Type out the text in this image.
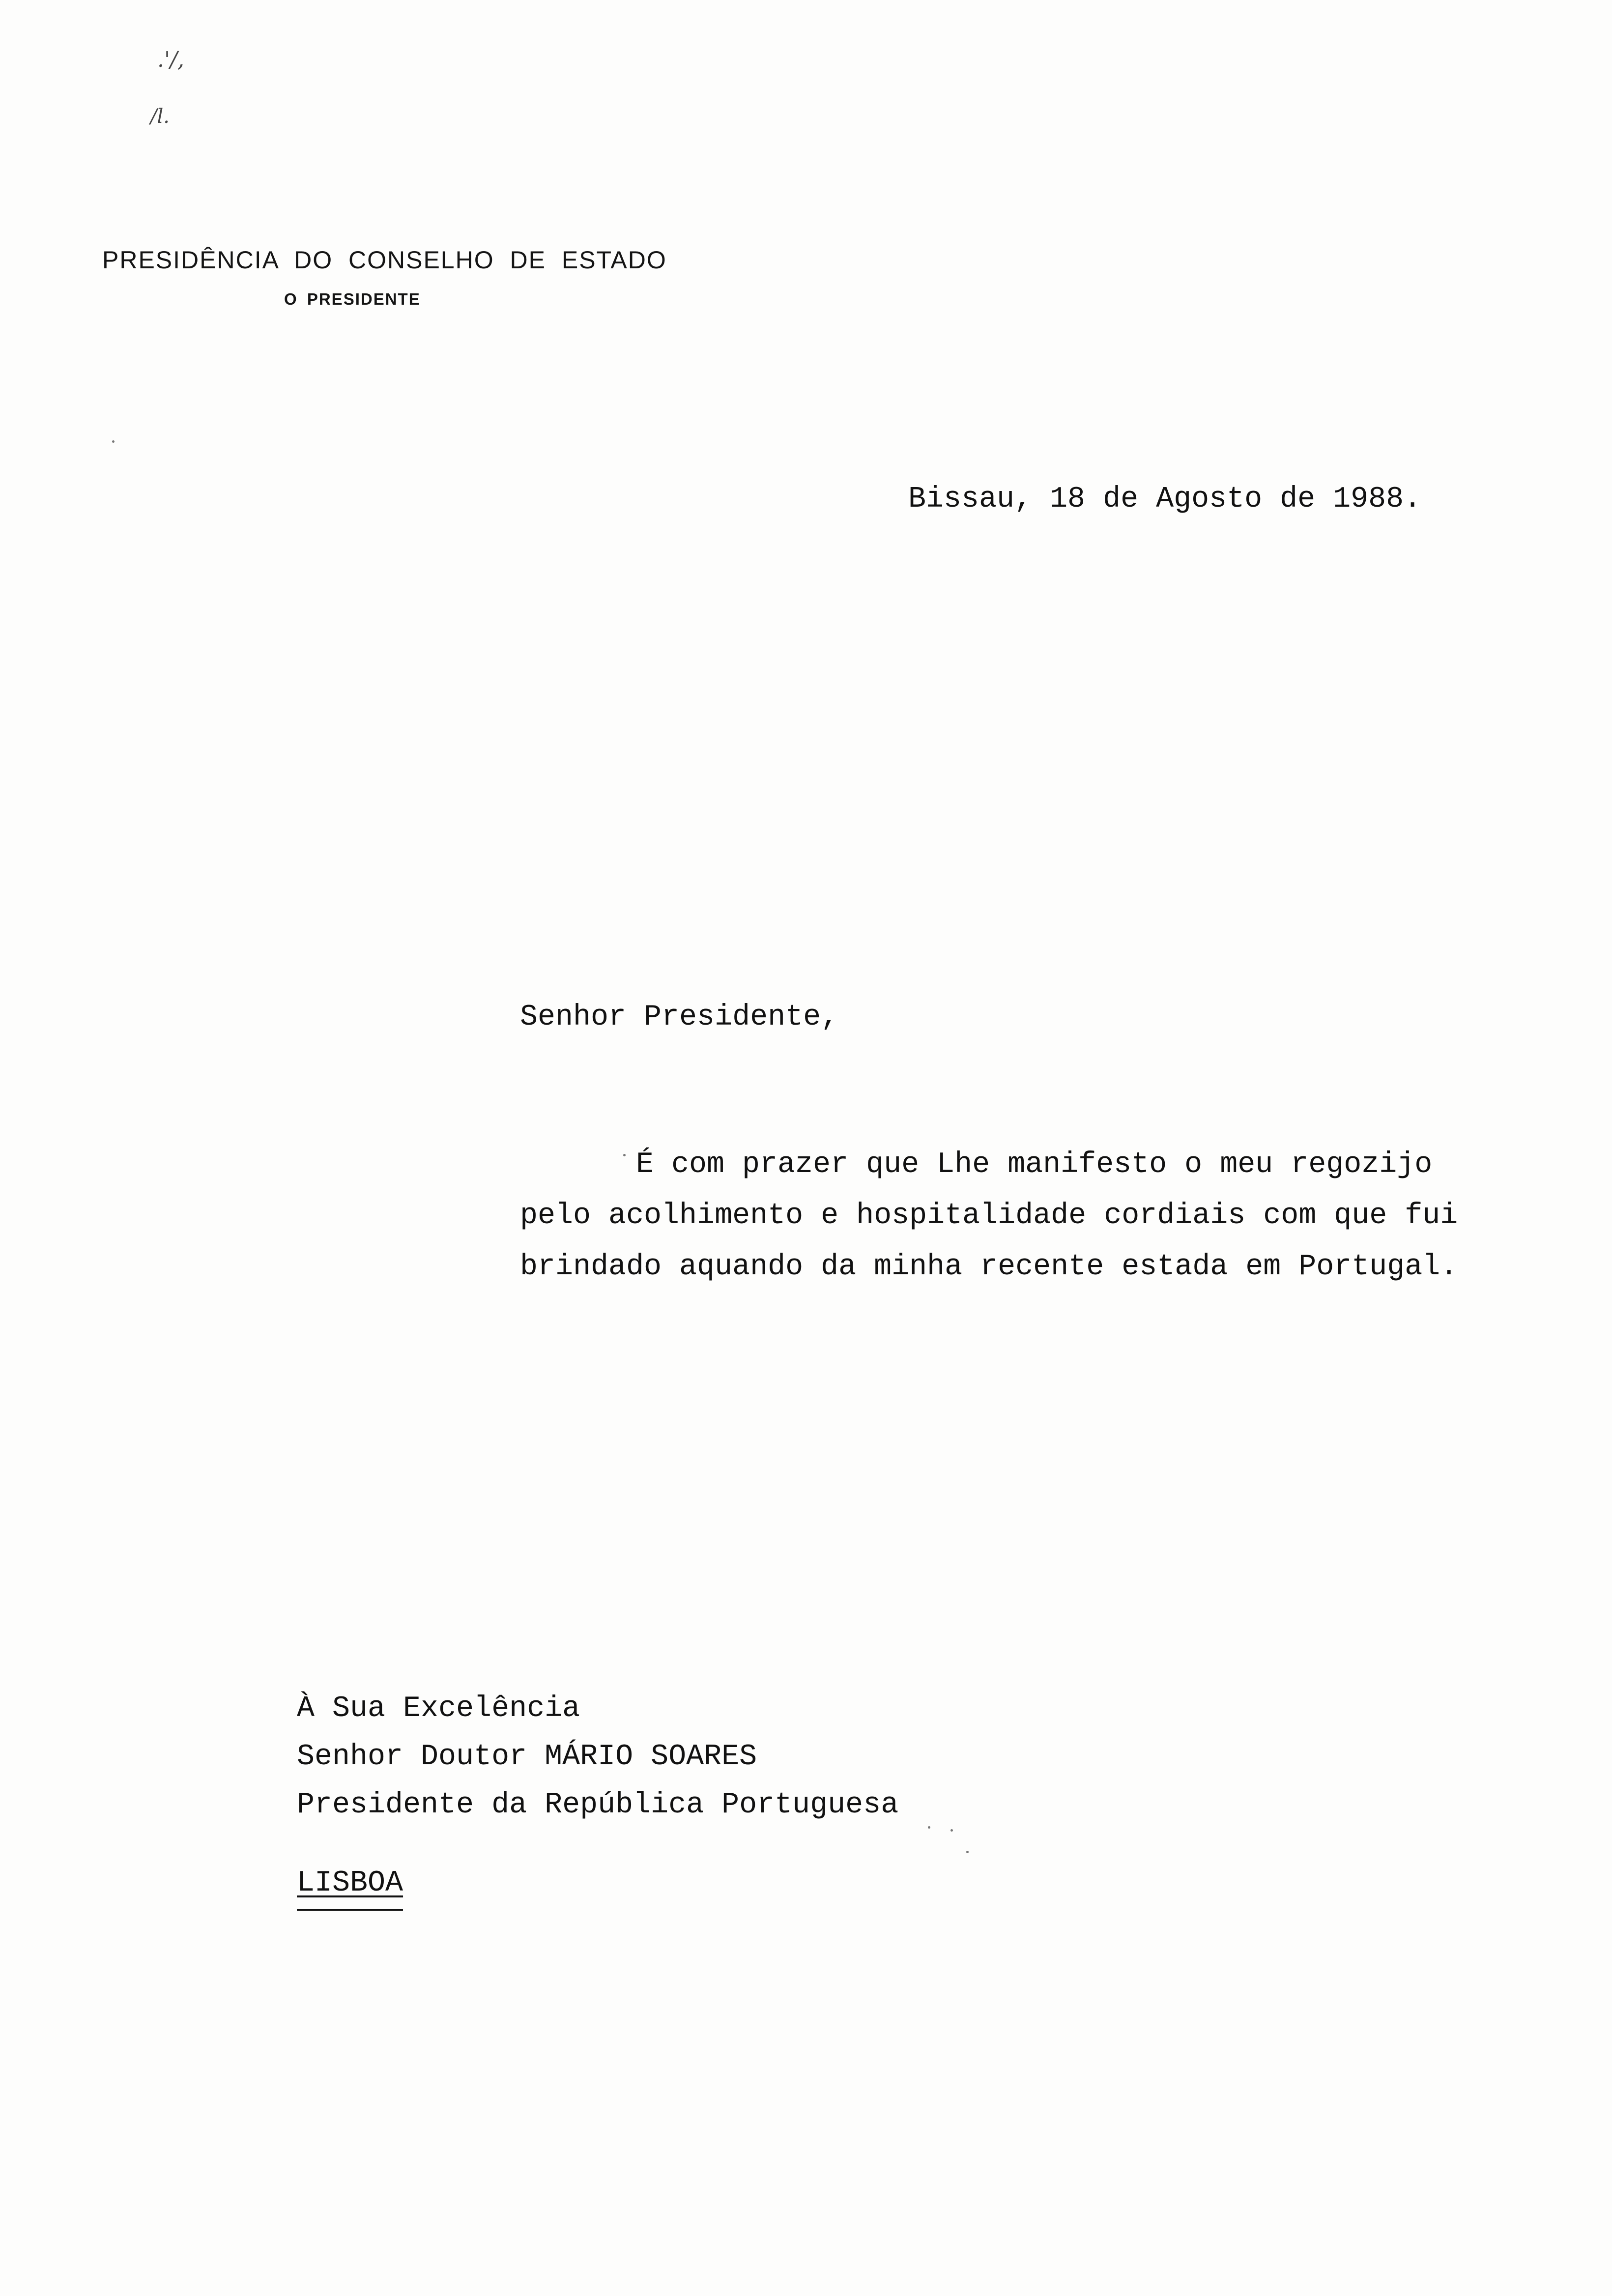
.'/,
/l.
PRESIDÊNCIA DO CONSELHO DE ESTADO
O PRESIDENTE
Bissau, 18 de Agosto de 1988.
Senhor Presidente,
É com prazer que Lhe manifesto o meu regozijo
pelo acolhimento e hospitalidade cordiais com que fui
brindado aquando da minha recente estada em Portugal.
À Sua Excelência
Senhor Doutor MÁRIO SOARES
Presidente da República Portuguesa
LISBOA
